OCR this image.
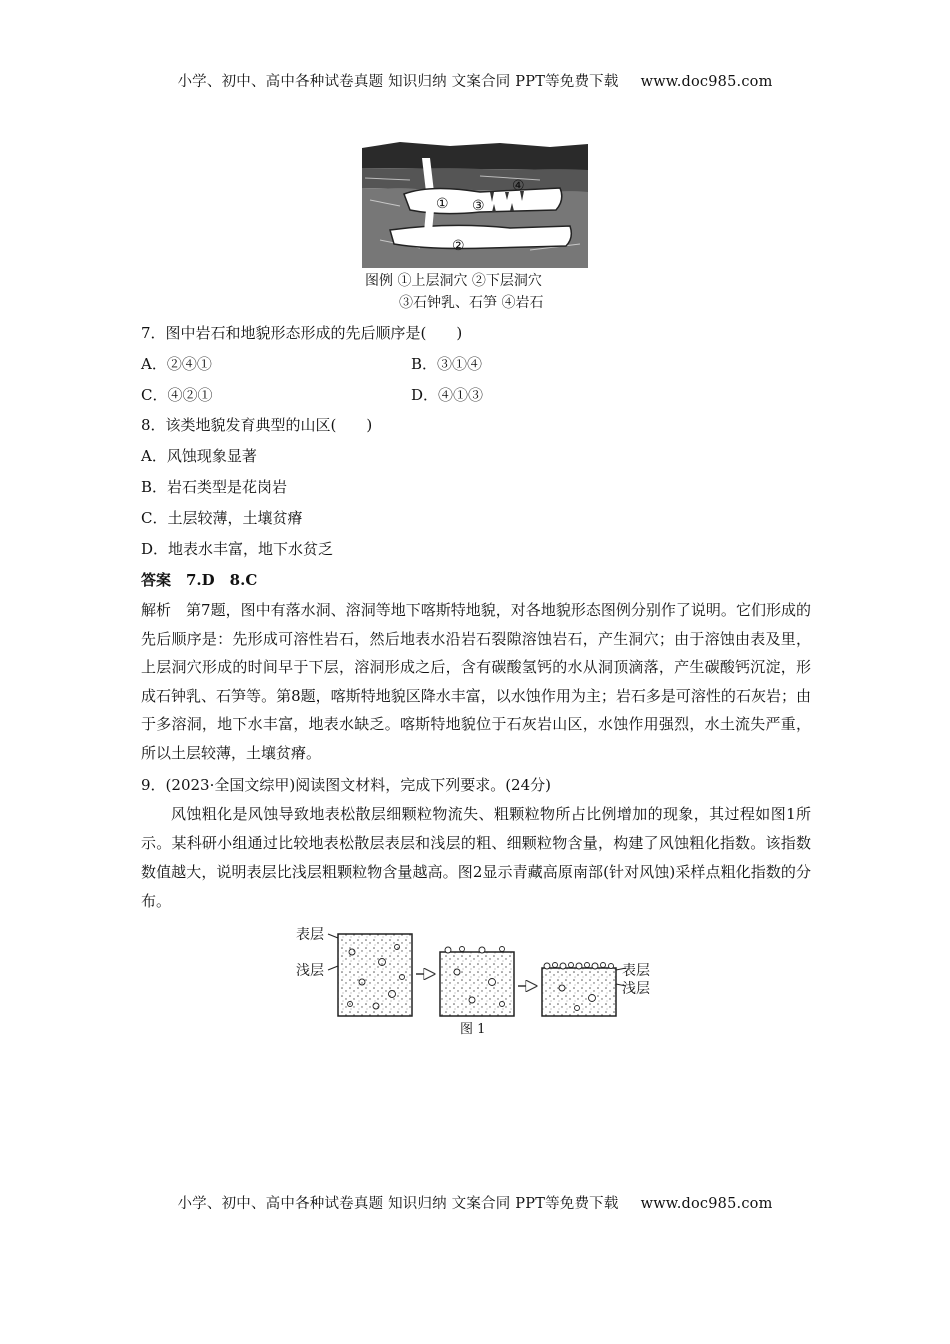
小学、初中、高中各种试卷真题 知识归纳 文案合同 PPT等免费下载 www.doc985.com
① ③
④
②
图例 ①上层洞穴 ②下层洞穴
③石钟乳、石笋 ④岩石
7．图中岩石和地貌形态形成的先后顺序是(　　)
A．②④①	B．③①④
C．④②①	D．④①③
8．该类地貌发育典型的山区(　　)
A．风蚀现象显著
B．岩石类型是花岗岩
C．土层较薄，土壤贫瘠
D．地表水丰富，地下水贫乏
答案　7.D　8.C
解析　第7题，图中有落水洞、溶洞等地下喀斯特地貌，对各地貌形态图例分别作了说明。它们形成的先后顺序是：先形成可溶性岩石，然后地表水沿岩石裂隙溶蚀岩石，产生洞穴；由于溶蚀由表及里，上层洞穴形成的时间早于下层，溶洞形成之后，含有碳酸氢钙的水从洞顶滴落，产生碳酸钙沉淀，形成石钟乳、石笋等。第8题，喀斯特地貌区降水丰富，以水蚀作用为主；岩石多是可溶性的石灰岩；由于多溶洞，地下水丰富，地表水缺乏。喀斯特地貌位于石灰岩山区，水蚀作用强烈，水土流失严重，所以土层较薄，土壤贫瘠。
9．(2023·全国文综甲)阅读图文材料，完成下列要求。(24分)
风蚀粗化是风蚀导致地表松散层细颗粒物流失、粗颗粒物所占比例增加的现象，其过程如图1所示。某科研小组通过比较地表松散层表层和浅层的粗、细颗粒物含量，构建了风蚀粗化指数。该指数数值越大，说明表层比浅层粗颗粒物含量越高。图2显示青藏高原南部(针对风蚀)采样点粗化指数的分布。
表层
浅层	表层
浅层
图 1
小学、初中、高中各种试卷真题 知识归纳 文案合同 PPT等免费下载 www.doc985.com
